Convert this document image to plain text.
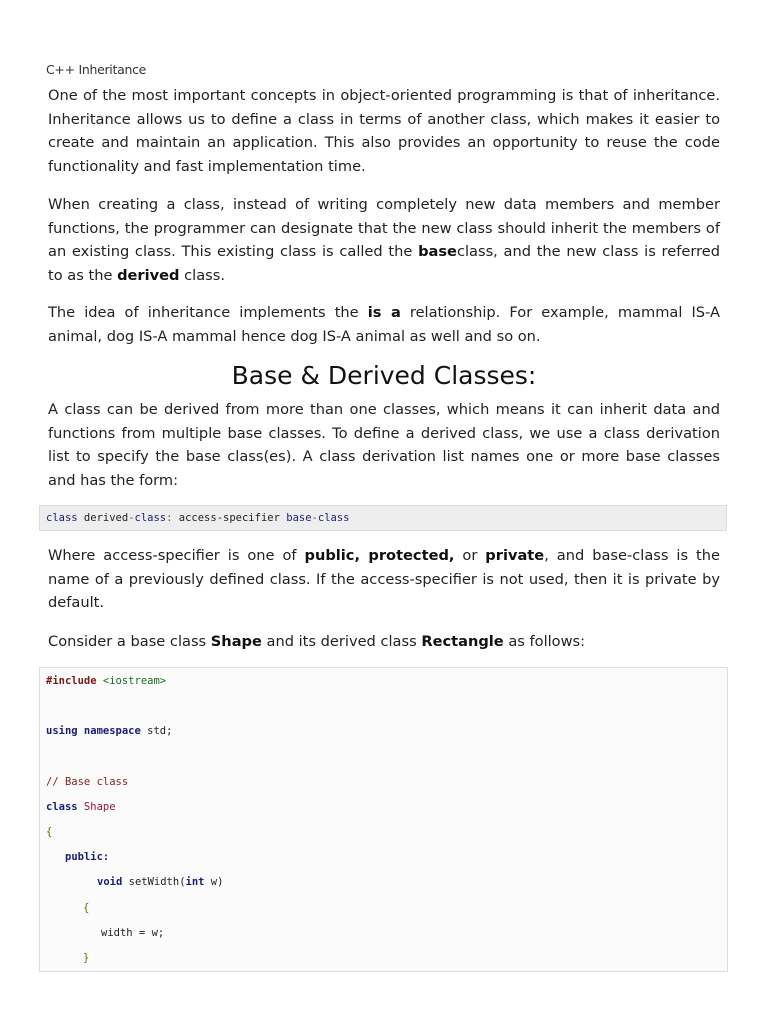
C++ Inheritance

One of the most important concepts in object-oriented programming is that of inheritance. Inheritance allows us to define a class in terms of another class, which makes it easier to create and maintain an application. This also provides an opportunity to reuse the code functionality and fast implementation time.

When creating a class, instead of writing completely new data members and member functions, the programmer can designate that the new class should inherit the members of an existing class. This existing class is called the baseclass, and the new class is referred to as the derived class.

The idea of inheritance implements the is a relationship. For example, mammal IS-A animal, dog IS-A mammal hence dog IS-A animal as well and so on.

Base & Derived Classes:

A class can be derived from more than one classes, which means it can inherit data and functions from multiple base classes. To define a derived class, we use a class derivation list to specify the base class(es). A class derivation list names one or more base classes and has the form:

class derived-class: access-specifier base-class

Where access-specifier is one of public, protected, or private, and base-class is the name of a previously defined class. If the access-specifier is not used, then it is private by default.

Consider a base class Shape and its derived class Rectangle as follows:

#include <iostream>
using namespace std;
// Base class
class Shape
{
public:
void setWidth(int w)
{
width = w;
}
